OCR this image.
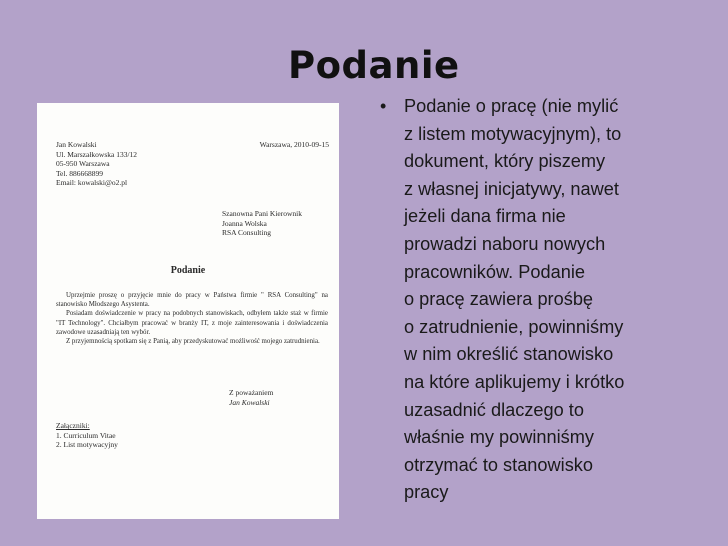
Podanie
Jan Kowalski
Ul. Marszałkowska 133/12
05-950 Warszawa
Tel. 886668899
Email: kowalski@o2.pl
Warszawa, 2010-09-15
Szanowna Pani Kierownik
Joanna Wolska
RSA Consulting
Podanie

Uprzejmie proszę o przyjęcie mnie do pracy w Państwa firmie " RSA Consulting" na stanowisko Młodszego Asystenta.

Posiadam doświadczenie w pracy na podobnych stanowiskach, odbyłem także staż w firmie "IT Technology". Chciałbym pracować w branży IT, z moje zainteresowania i doświadczenia zawodowe uzasadniają ten wybór.

Z przyjemnością spotkam się z Panią, aby przedyskutować możliwość mojego zatrudnienia.

Z poważaniem
Jan Kowalski
Załączniki:
1. Curriculum Vitae
2. List motywacyjny
• Podanie o pracę (nie mylić
z listem motywacyjnym), to
dokument, który piszemy
z własnej inicjatywy, nawet
jeżeli dana firma nie
prowadzi naboru nowych
pracowników. Podanie
o pracę zawiera prośbę
o zatrudnienie, powinniśmy
w nim określić stanowisko
na które aplikujemy i krótko
uzasadnić dlaczego to
właśnie my powinniśmy
otrzymać to stanowisko
pracy
